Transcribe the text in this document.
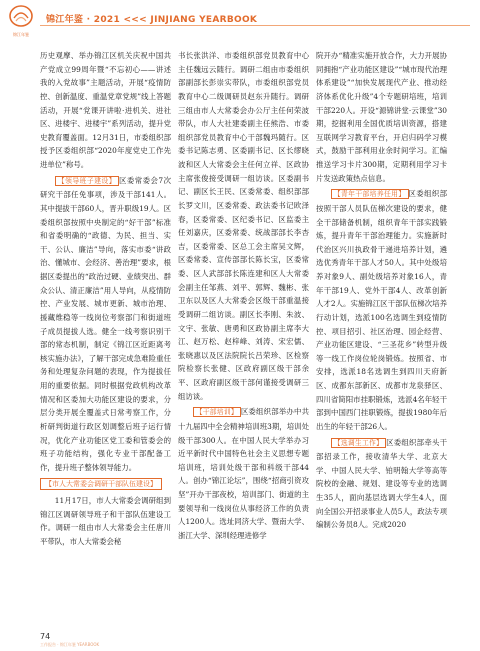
锦江年鉴
锦江年鉴 · 2021 <<< JINJIANG YEARBOOK

历史观摩、举办锦江区机关庆祝中国共产党成立99周年暨“不忘初心——讲述我的入党故事”主题活动，开展“疫情防控、创新温度、重温党章党规”线上答题活动，开展“党课开讲啦·进机关、进社区、进楼宇、进楼宇”系列活动，提升党史教育覆盖面。12月31日，市委组织部授予区委组织部“2020年度党史工作先进单位”称号。

【领导班子建设】 区委常委会7次研究干部任免事项，涉及干部141人。其中提拔干部60人，晋升职级19人。区委组织部按照中央制定的“好干部”标准和省委明确的“政德、为民、担当、实干、公认、廉洁”导向，落实市委“讲政治、懂城市、会经济、善治理”要求，根据区委提出的“政治过硬、业绩突出、群众公认、清正廉洁”用人导向，从疫情防控、产业发展、城市更新、城市治理、援藏维稳等一线岗位考察部门和街道班子成员提拔人选。健全一线考察识别干部的常态机制，制定《锦江区近距离考核实施办法》，了解干部完成急难险重任务和处理复杂问题的表现，作为提拔任用的重要依据。同时根据党政机构改革情况和区委加大功能区建设的要求，分层分类开展全覆盖式日常考察工作，分析研判街道行政区划调整后班子运行情况，优化产业功能区党工委和管委会的班子功能结构，强化专业干部配备工作，提升班子整体领导能力。

【市人大常委会调研干部队伍建设】

11月17日，市人大常委会调研组到锦江区调研领导班子和干部队伍建设工作。调研一组由市人大常委会主任唐川平带队，市人大常委会秘

书长张洪洋、市委组织部党员教育中心主任魏远云随行。调研二组由市委组织部副部长彭崇实带队，市委组织部党员教育中心二级调研员赵东升随行。调研三组由市人大常委会办公厅主任何荣波带队，市人大社建委副主任熊浩、市委组织部党员教育中心干部魏玛随行。区委书记陈志勇、区委副书记、区长缪晓波和区人大常委会主任何立祥、区政协主席张俊接受调研一组访谈。区委副书记、副区长王民、区委常委、组织部部长罗文川，区委常委、政法委书记欧泽春，区委常委、区纪委书记、区监委主任刘嘉庆，区委常委、统战部部长李杏吉，区委常委、区总工会主席吴文辉，区委常委、宣传部部长陈长宝，区委常委、区人武部部长陈连建和区人大常委会副主任邹燕、刘平、郭辉、魏彬、张卫东以及区人大常委会区级干部重温接受调研二组访谈。副区长李刚、朱波、文宇、张敏、唐勇和区政协副主席李大江、赵万松、赵梓峰、刘涛、宋宏儒、张晓惠以及区法院院长吕荣珍、区检察院检察长张健、区政府副区级干部余平、区政府副区级干部何谨接受调研三组访谈。

【干部培训】 区委组织部举办中共十九届四中全会精神培训班3期，培训处级干部300人。在中国人民大学举办习近平新时代中国特色社会主义思想专题培训班，培训处级干部和科级干部44人。创办“锦江论坛”，围绕“招商引资攻坚”开办干部夜校，培训部门、街道的主要领导和一线岗位从事经济工作的负责人1200人。选址同济大学、暨南大学、浙江大学、深圳经理进修学

院开办“精准实施开放合作，大力开展协同拥抱“产业功能区建设”“城市现代治理体系建设”“加快发展现代产业、推动经济体系优化升级”4个专题研培班，培训干部220人。开设“源锦讲堂·云课堂”30期，挖掘利用全国优质培训资源，搭建互联网学习教育平台，开启归码学习模式，鼓励干部利用业余时间学习。汇编推送学习卡片300期，定期利用学习卡片发送政策热点信息。

【青年干部培养任用】 区委组织部按照干部人员队伍梯次建设的要求，健全干部储备机制，组织青年干部实践锻炼，提升青年干部治理能力。实施新时代治区兴川执政骨干递进培养计划，遴选优秀青年干部人才50人。其中处级培养对象9人、副处级培养对象16人，青年干部19人、党外干部4人、改革创新人才2人。实施锦江区干部队伍梯次培养行动计划，选派100名选调生到疫情防控、项目招引、社区治理、园企经营、产业功能区建设、“三圣花乡”转型升级等一线工作岗位轮岗锻炼。按照省、市安排，选派18名选调生到四川天府新区、成都东部新区、成都市龙泉驿区、四川省简阳市挂职锻炼，选派4名年轻干部到中国西门挂职锻炼，提拔1980年后出生的年轻干部26人。

【选调生工作】 区委组织部牵头干部招录工作，接收清华大学、北京大学、中国人民大学、铂明翰大学等高等院校的金融、规划、建设等专业的选调生35人，面向基层选调大学生4人，面向全国公开招录事业人员5人，政法专项编制公务员8人。完成2020

74
工作报告 · 锦江年鉴 YEARBOOK
